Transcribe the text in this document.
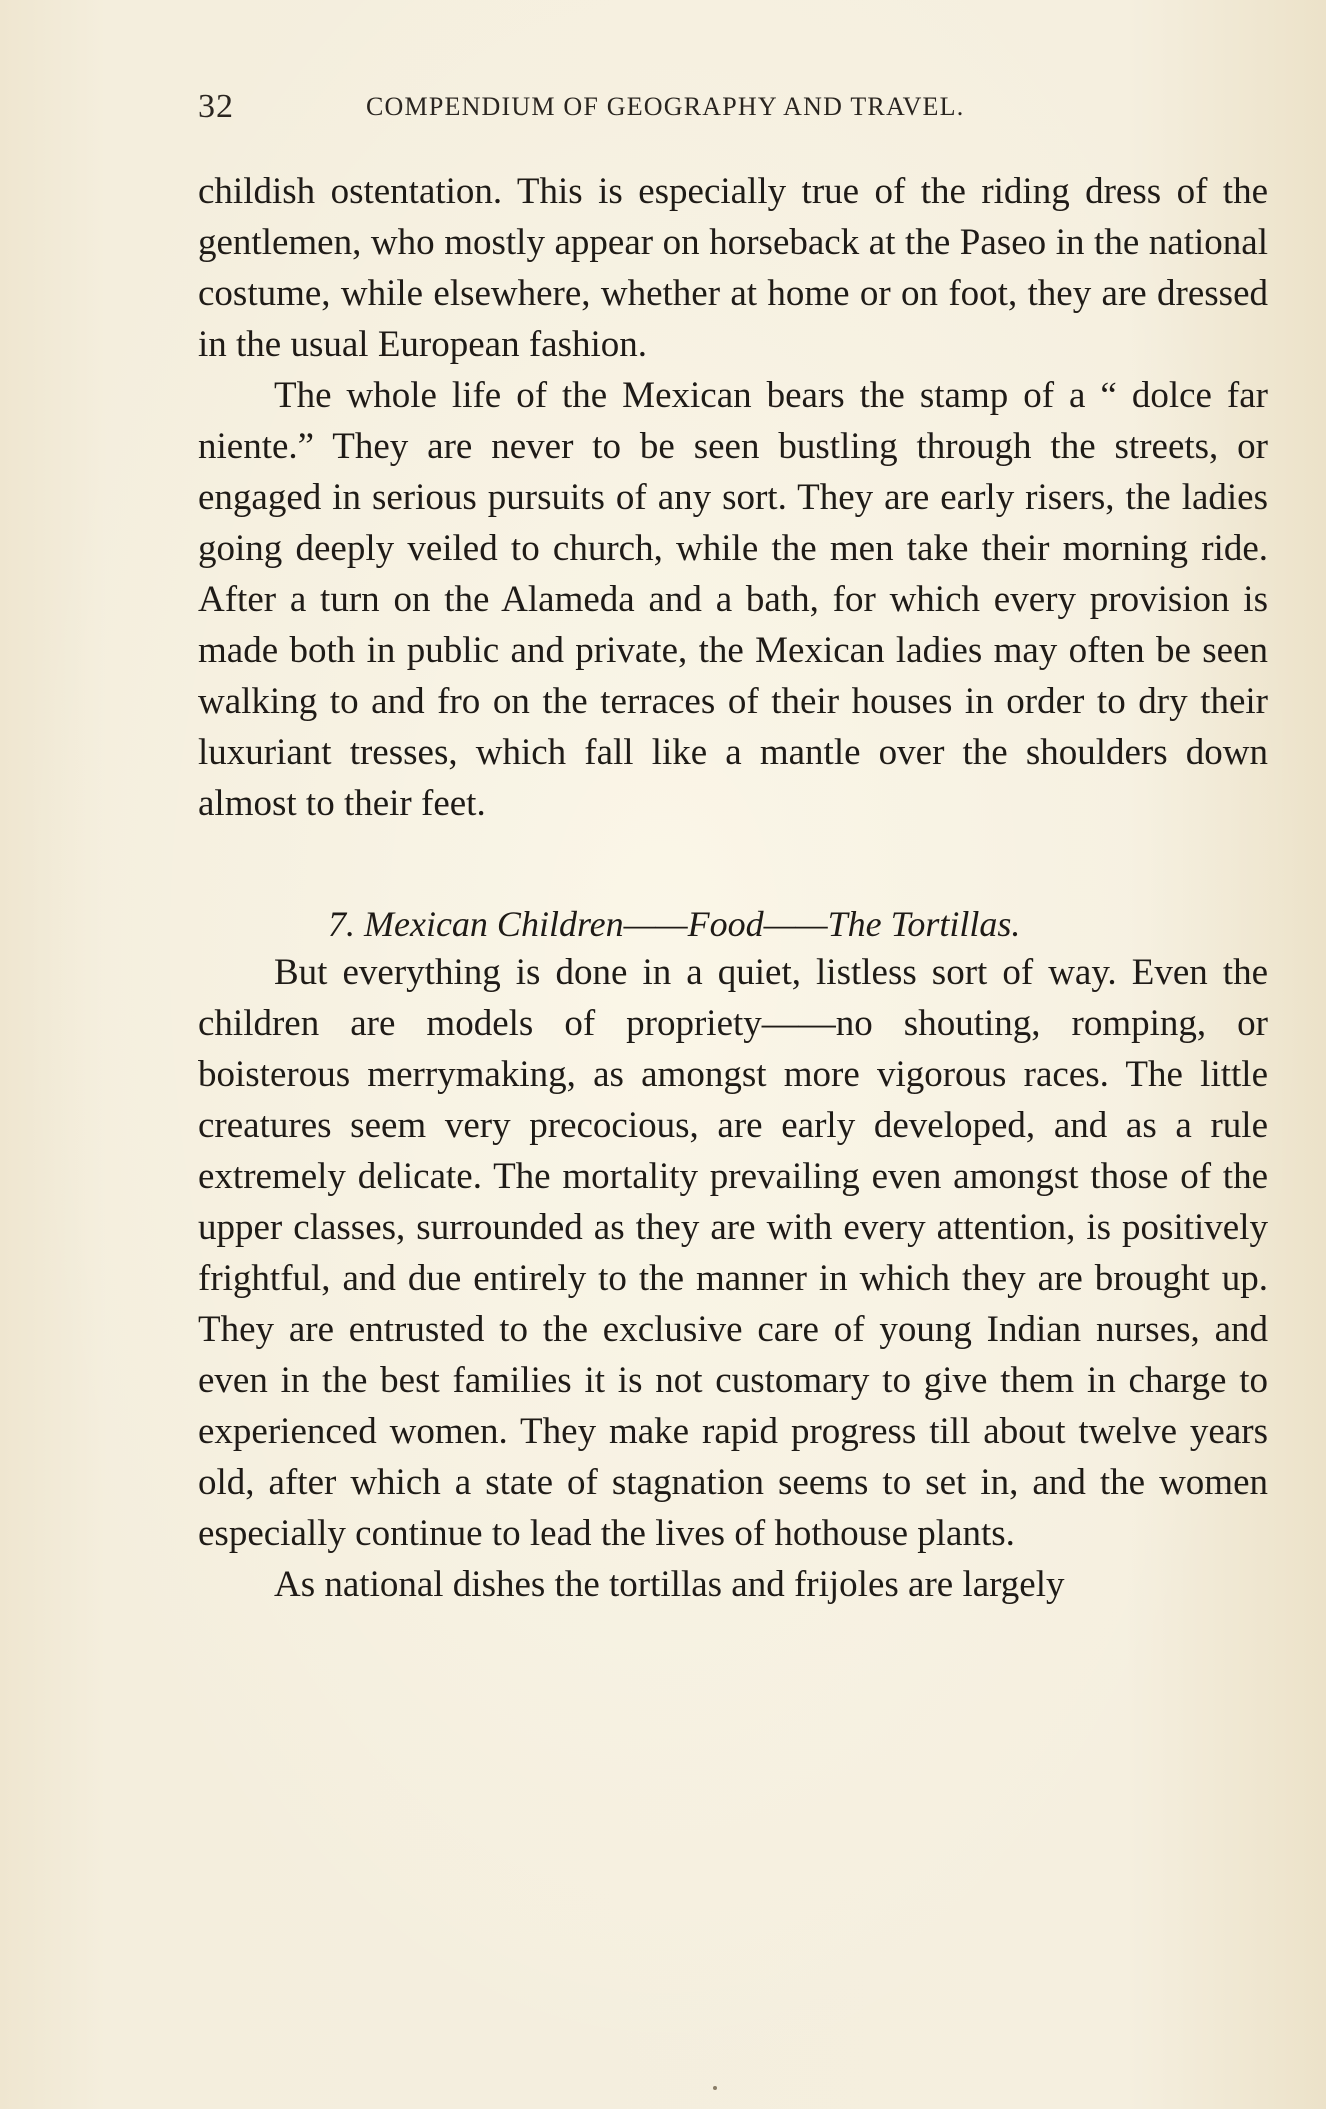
32	COMPENDIUM OF GEOGRAPHY AND TRAVEL.

childish ostentation. This is especially true of the riding dress of the gentlemen, who mostly appear on horseback at the Paseo in the national costume, while elsewhere, whether at home or on foot, they are dressed in the usual European fashion.

The whole life of the Mexican bears the stamp of a “ dolce far niente.” They are never to be seen bustling through the streets, or engaged in serious pursuits of any sort. They are early risers, the ladies going deeply veiled to church, while the men take their morning ride. After a turn on the Alameda and a bath, for which every provision is made both in public and private, the Mexican ladies may often be seen walking to and fro on the terraces of their houses in order to dry their luxuriant tresses, which fall like a mantle over the shoulders down almost to their feet.

7. Mexican Children——Food——The Tortillas.

But everything is done in a quiet, listless sort of way. Even the children are models of propriety——no shouting, romping, or boisterous merrymaking, as amongst more vigorous races. The little creatures seem very precocious, are early developed, and as a rule extremely delicate. The mortality prevailing even amongst those of the upper classes, surrounded as they are with every attention, is positively frightful, and due entirely to the manner in which they are brought up. They are entrusted to the exclusive care of young Indian nurses, and even in the best families it is not customary to give them in charge to experienced women. They make rapid progress till about twelve years old, after which a state of stagnation seems to set in, and the women especially continue to lead the lives of hothouse plants.

As national dishes the tortillas and frijoles are largely
